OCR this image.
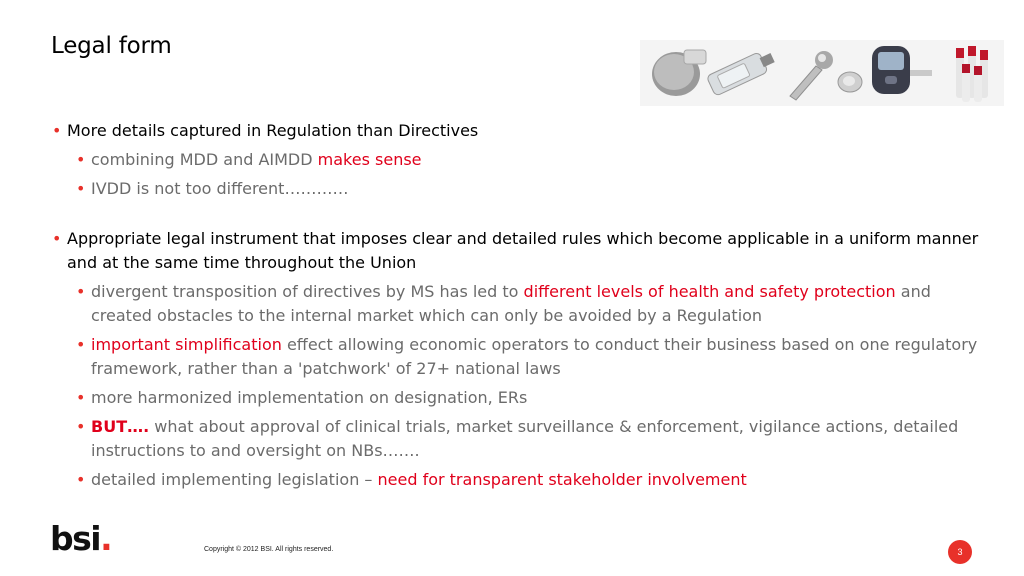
Legal form
• More details captured in Regulation than Directives
• combining MDD and AIMDD makes sense
• IVDD is not too different…………
• Appropriate legal instrument that imposes clear and detailed rules which become applicable in a uniform manner and at the same time throughout the Union
• divergent transposition of directives by MS has led to different levels of health and safety protection and created obstacles to the internal market which can only be avoided by a Regulation
• important simplification effect allowing economic operators to conduct their business based on one regulatory framework, rather than a 'patchwork' of 27+ national laws
• more harmonized implementation on designation, ERs
• BUT…. what about approval of clinical trials, market surveillance & enforcement, vigilance actions, detailed instructions to and oversight on NBs…….
• detailed implementing legislation – need for transparent stakeholder involvement
bsi.	Copyright © 2012 BSI. All rights reserved.	3
